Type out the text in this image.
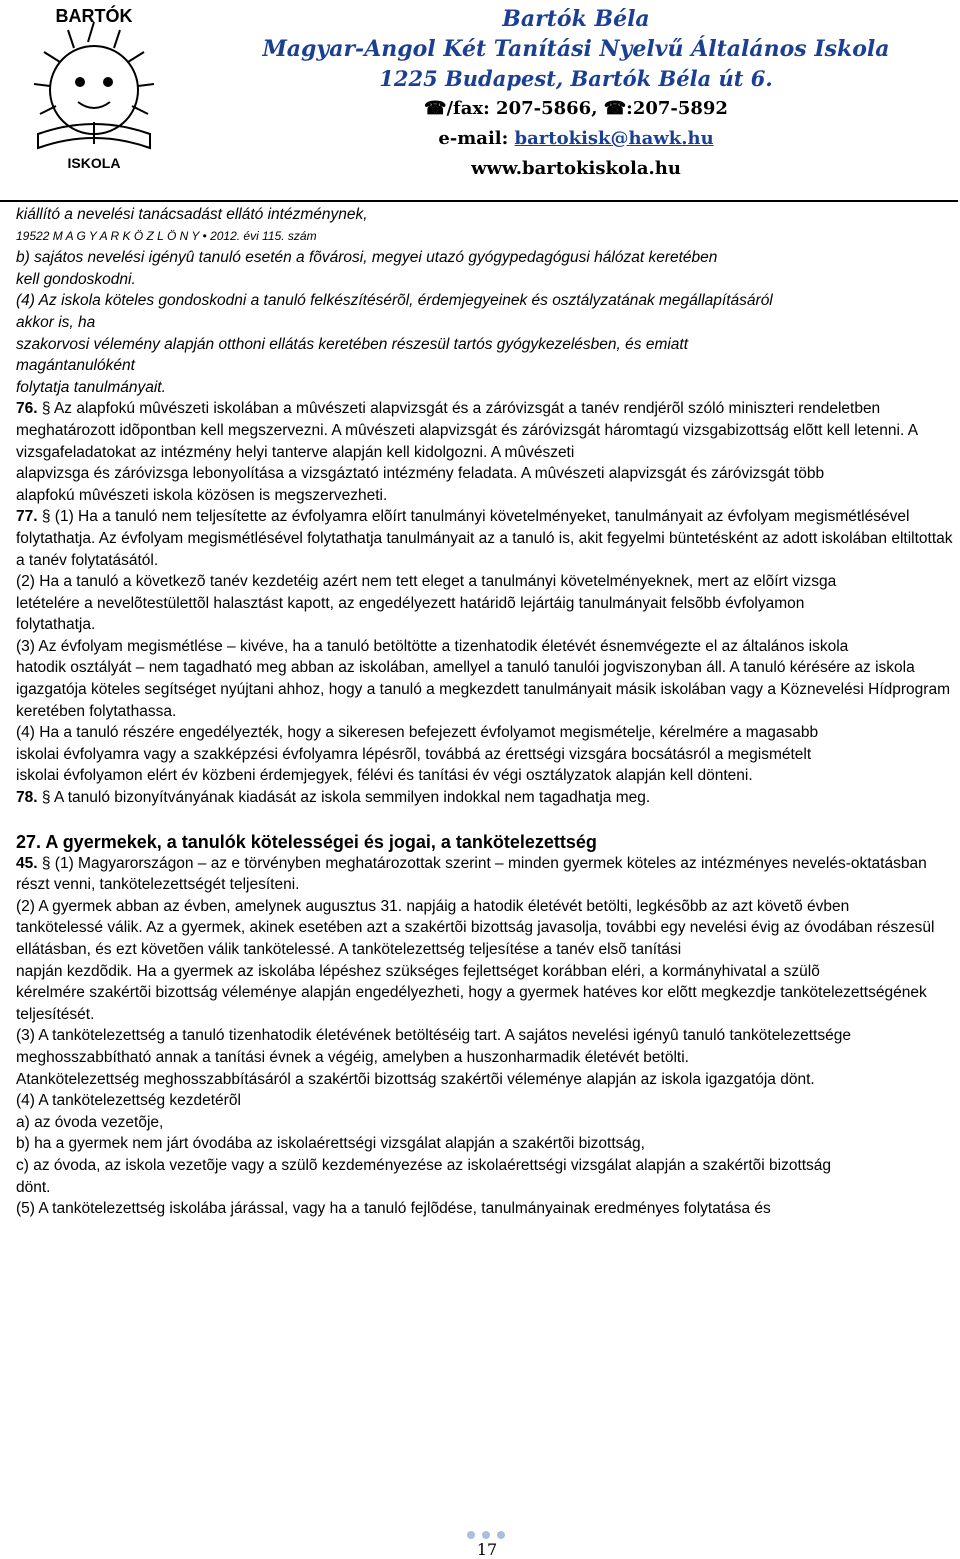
BARTÓK
ISKOLA
Bartók Béla
Magyar-Angol Két Tanítási Nyelvű Általános Iskola
1225 Budapest, Bartók Béla út 6.
☎/fax: 207-5866, ☎:207-5892
e-mail: bartokisk@hawk.hu
www.bartokiskola.hu

kiállító a nevelési tanácsadást ellátó intézménynek,

19522 M A G Y A R K Ö Z L Ö N Y • 2012. évi 115. szám

b) sajátos nevelési igényû tanuló esetén a fõvárosi, megyei utazó gyógypedagógusi hálózat keretében

kell gondoskodni.

(4) Az iskola köteles gondoskodni a tanuló felkészítésérõl, érdemjegyeinek és osztályzatának megállapításáról

akkor is, ha

szakorvosi vélemény alapján otthoni ellátás keretében részesül tartós gyógykezelésben, és emiatt

magántanulóként

folytatja tanulmányait.

76. § Az alapfokú mûvészeti iskolában a mûvészeti alapvizsgát és a záróvizsgát a tanév rendjérõl szóló miniszteri rendeletben meghatározott idõpontban kell megszervezni. A mûvészeti alapvizsgát és záróvizsgát háromtagú vizsgabizottság elõtt kell letenni. A vizsgafeladatokat az intézmény helyi tanterve alapján kell kidolgozni. A mûvészeti

alapvizsga és záróvizsga lebonyolítása a vizsgáztató intézmény feladata. A mûvészeti alapvizsgát és záróvizsgát több

alapfokú mûvészeti iskola közösen is megszervezheti.

77. § (1) Ha a tanuló nem teljesítette az évfolyamra elõírt tanulmányi követelményeket, tanulmányait az évfolyam megismétlésével folytathatja. Az évfolyam megismétlésével folytathatja tanulmányait az a tanuló is, akit fegyelmi büntetésként az adott iskolában eltiltottak a tanév folytatásától.

(2) Ha a tanuló a következõ tanév kezdetéig azért nem tett eleget a tanulmányi követelményeknek, mert az elõírt vizsga

letételére a nevelõtestülettõl halasztást kapott, az engedélyezett határidõ lejártáig tanulmányait felsõbb évfolyamon

folytathatja.

(3) Az évfolyam megismétlése – kivéve, ha a tanuló betöltötte a tizenhatodik életévét ésnemvégezte el az általános iskola

hatodik osztályát – nem tagadható meg abban az iskolában, amellyel a tanuló tanulói jogviszonyban áll. A tanuló kérésére az iskola igazgatója köteles segítséget nyújtani ahhoz, hogy a tanuló a megkezdett tanulmányait másik iskolában vagy a Köznevelési Hídprogram keretében folytathassa.

(4) Ha a tanuló részére engedélyezték, hogy a sikeresen befejezett évfolyamot megismételje, kérelmére a magasabb

iskolai évfolyamra vagy a szakképzési évfolyamra lépésrõl, továbbá az érettségi vizsgára bocsátásról a megismételt

iskolai évfolyamon elért év közbeni érdemjegyek, félévi és tanítási év végi osztályzatok alapján kell dönteni.

78. § A tanuló bizonyítványának kiadását az iskola semmilyen indokkal nem tagadhatja meg.

27. A gyermekek, a tanulók kötelességei és jogai, a tankötelezettség

45. § (1) Magyarországon – az e törvényben meghatározottak szerint – minden gyermek köteles az intézményes nevelés-oktatásban részt venni, tankötelezettségét teljesíteni.

(2) A gyermek abban az évben, amelynek augusztus 31. napjáig a hatodik életévét betölti, legkésõbb az azt követõ évben

tankötelessé válik. Az a gyermek, akinek esetében azt a szakértõi bizottság javasolja, további egy nevelési évig az óvodában részesül ellátásban, és ezt követõen válik tankötelessé. A tankötelezettség teljesítése a tanév elsõ tanítási

napján kezdõdik. Ha a gyermek az iskolába lépéshez szükséges fejlettséget korábban eléri, a kormányhivatal a szülõ

kérelmére szakértõi bizottság véleménye alapján engedélyezheti, hogy a gyermek hatéves kor elõtt megkezdje tankötelezettségének teljesítését.

(3) A tankötelezettség a tanuló tizenhatodik életévének betöltéséig tart. A sajátos nevelési igényû tanuló tankötelezettsége meghosszabbítható annak a tanítási évnek a végéig, amelyben a huszonharmadik életévét betölti.

Atankötelezettség meghosszabbításáról a szakértõi bizottság szakértõi véleménye alapján az iskola igazgatója dönt.

(4) A tankötelezettség kezdetérõl

a) az óvoda vezetõje,

b) ha a gyermek nem járt óvodába az iskolaérettségi vizsgálat alapján a szakértõi bizottság,

c) az óvoda, az iskola vezetõje vagy a szülõ kezdeményezése az iskolaérettségi vizsgálat alapján a szakértõi bizottság

dönt.

(5) A tankötelezettség iskolába járással, vagy ha a tanuló fejlõdése, tanulmányainak eredményes folytatása és

17
